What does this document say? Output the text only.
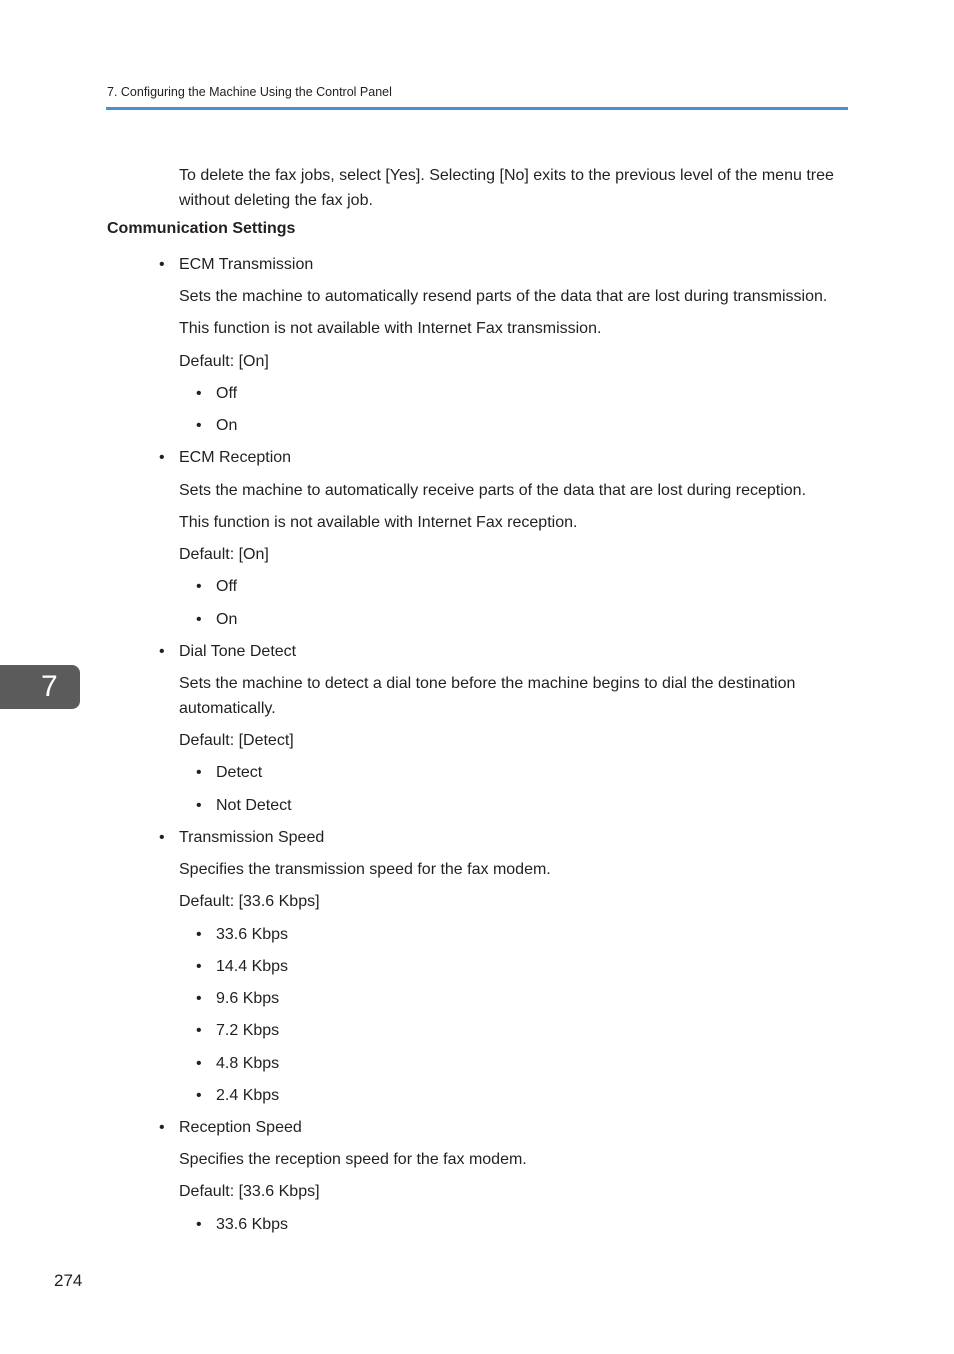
7. Configuring the Machine Using the Control Panel
To delete the fax jobs, select [Yes]. Selecting [No] exits to the previous level of the menu tree without deleting the fax job.
Communication Settings
• ECM Transmission
Sets the machine to automatically resend parts of the data that are lost during transmission.
This function is not available with Internet Fax transmission.
Default: [On]
• Off
• On
• ECM Reception
Sets the machine to automatically receive parts of the data that are lost during reception.
This function is not available with Internet Fax reception.
Default: [On]
• Off
• On
• Dial Tone Detect
Sets the machine to detect a dial tone before the machine begins to dial the destination automatically.
Default: [Detect]
• Detect
• Not Detect
• Transmission Speed
Specifies the transmission speed for the fax modem.
Default: [33.6 Kbps]
• 33.6 Kbps
• 14.4 Kbps
• 9.6 Kbps
• 7.2 Kbps
• 4.8 Kbps
• 2.4 Kbps
• Reception Speed
Specifies the reception speed for the fax modem.
Default: [33.6 Kbps]
• 33.6 Kbps
7
274
